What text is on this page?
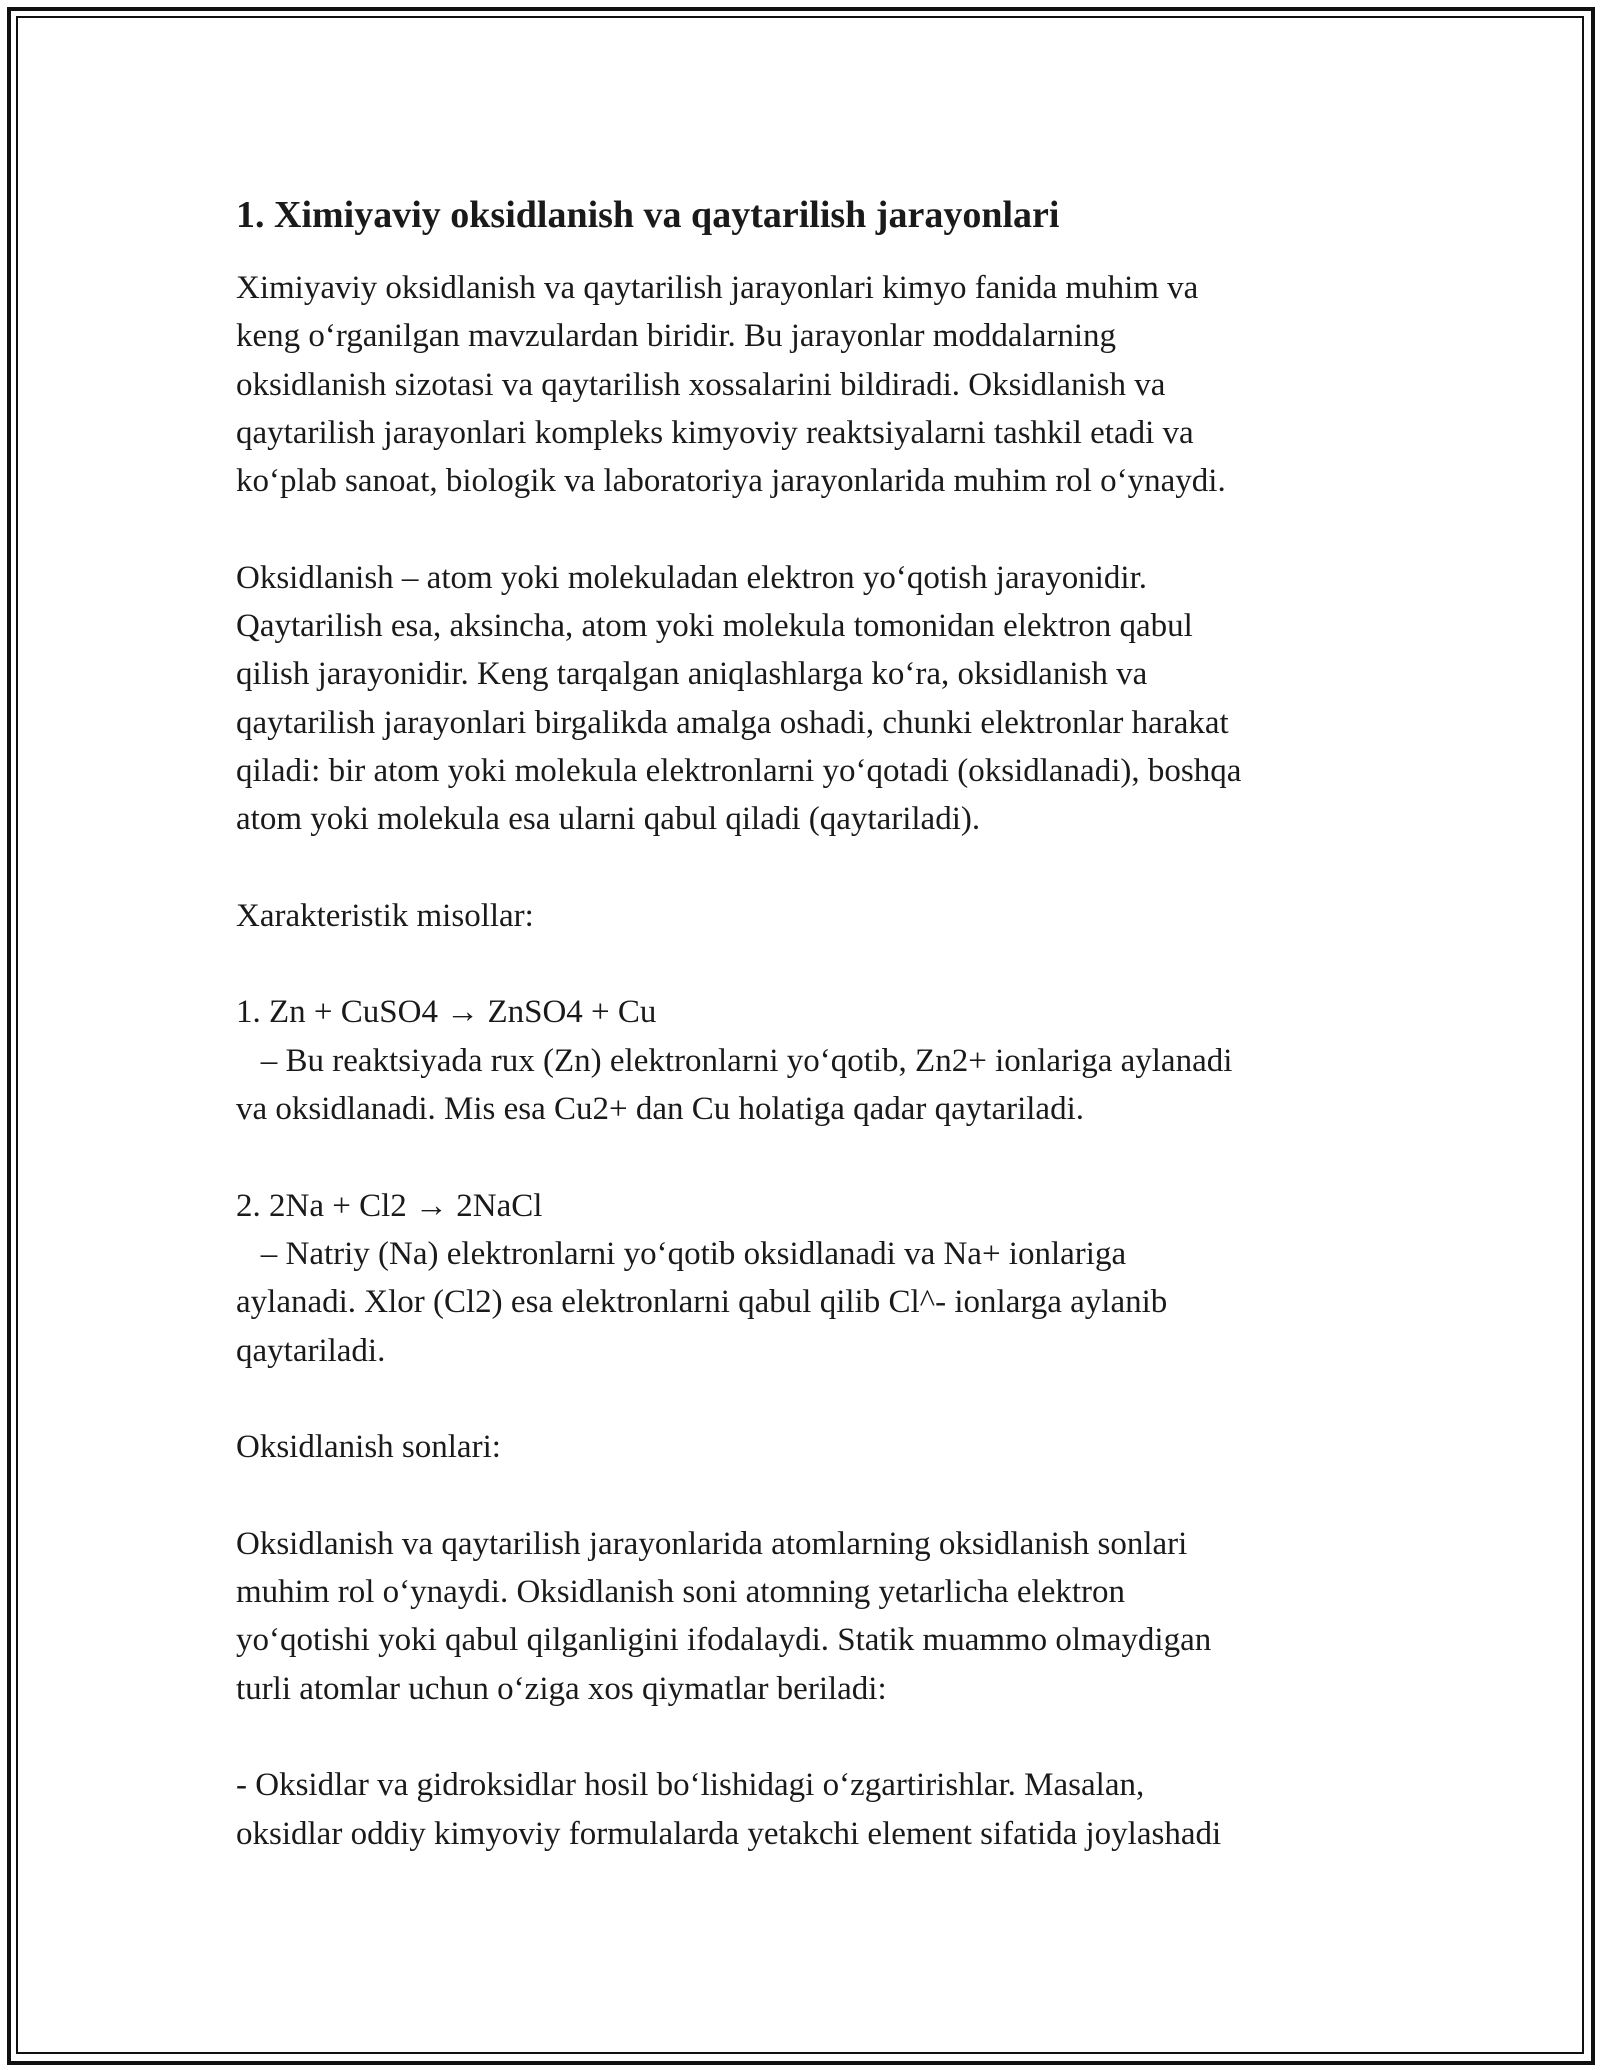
1. Ximiyaviy oksidlanish va qaytarilish jarayonlari

Ximiyaviy oksidlanish va qaytarilish jarayonlari kimyo fanida muhim va
keng o‘rganilgan mavzulardan biridir. Bu jarayonlar moddalarning
oksidlanish sizotasi va qaytarilish xossalarini bildiradi. Oksidlanish va
qaytarilish jarayonlari kompleks kimyoviy reaktsiyalarni tashkil etadi va
ko‘plab sanoat, biologik va laboratoriya jarayonlarida muhim rol o‘ynaydi.

Oksidlanish – atom yoki molekuladan elektron yo‘qotish jarayonidir.
Qaytarilish esa, aksincha, atom yoki molekula tomonidan elektron qabul
qilish jarayonidir. Keng tarqalgan aniqlashlarga ko‘ra, oksidlanish va
qaytarilish jarayonlari birgalikda amalga oshadi, chunki elektronlar harakat
qiladi: bir atom yoki molekula elektronlarni yo‘qotadi (oksidlanadi), boshqa
atom yoki molekula esa ularni qabul qiladi (qaytariladi).

Xarakteristik misollar:

1. Zn + CuSO4 → ZnSO4 + Cu
– Bu reaktsiyada rux (Zn) elektronlarni yo‘qotib, Zn2+ ionlariga aylanadi
va oksidlanadi. Mis esa Cu2+ dan Cu holatiga qadar qaytariladi.

2. 2Na + Cl2 → 2NaCl
– Natriy (Na) elektronlarni yo‘qotib oksidlanadi va Na+ ionlariga
aylanadi. Xlor (Cl2) esa elektronlarni qabul qilib Cl^- ionlarga aylanib
qaytariladi.

Oksidlanish sonlari:

Oksidlanish va qaytarilish jarayonlarida atomlarning oksidlanish sonlari
muhim rol o‘ynaydi. Oksidlanish soni atomning yetarlicha elektron
yo‘qotishi yoki qabul qilganligini ifodalaydi. Statik muammo olmaydigan
turli atomlar uchun o‘ziga xos qiymatlar beriladi:

- Oksidlar va gidroksidlar hosil bo‘lishidagi o‘zgartirishlar. Masalan,
oksidlar oddiy kimyoviy formulalarda yetakchi element sifatida joylashadi
